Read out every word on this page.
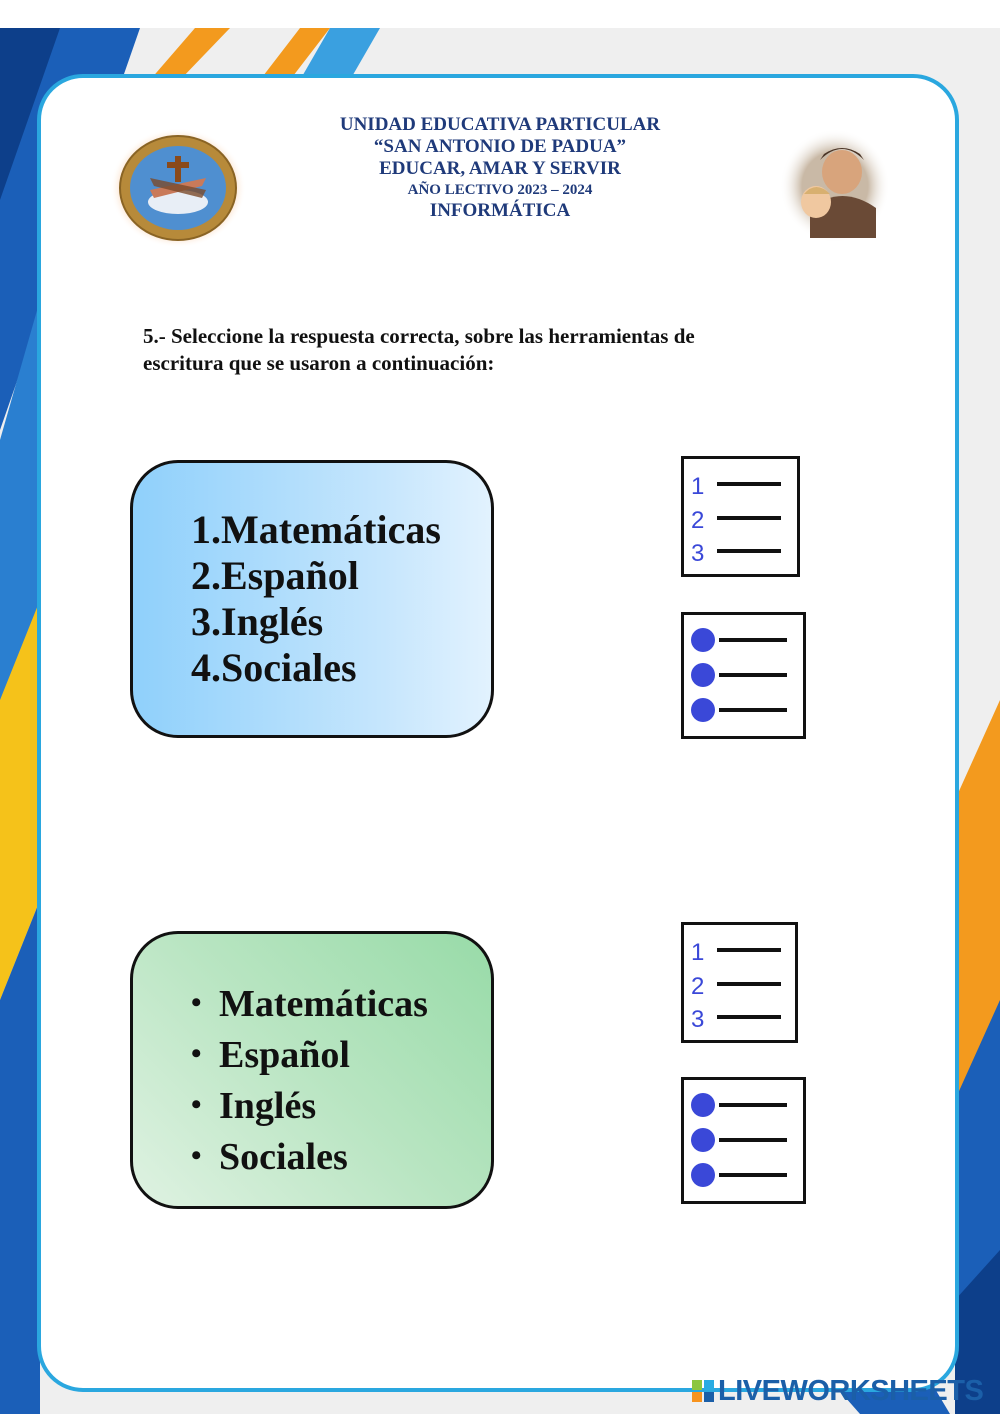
UNIDAD EDUCATIVA PARTICULAR
“SAN ANTONIO DE PADUA”
EDUCAR, AMAR Y SERVIR
AÑO LECTIVO 2023 – 2024
INFORMÁTICA
5.- Seleccione la respuesta correcta, sobre las herramientas de
escritura que se usaron a continuación:
1.Matemáticas
2.Español
3.Inglés
4.Sociales
• Matemáticas
• Español
• Inglés
• Sociales
1
2
3
1
2
3
LIVEWORKSHEETS
